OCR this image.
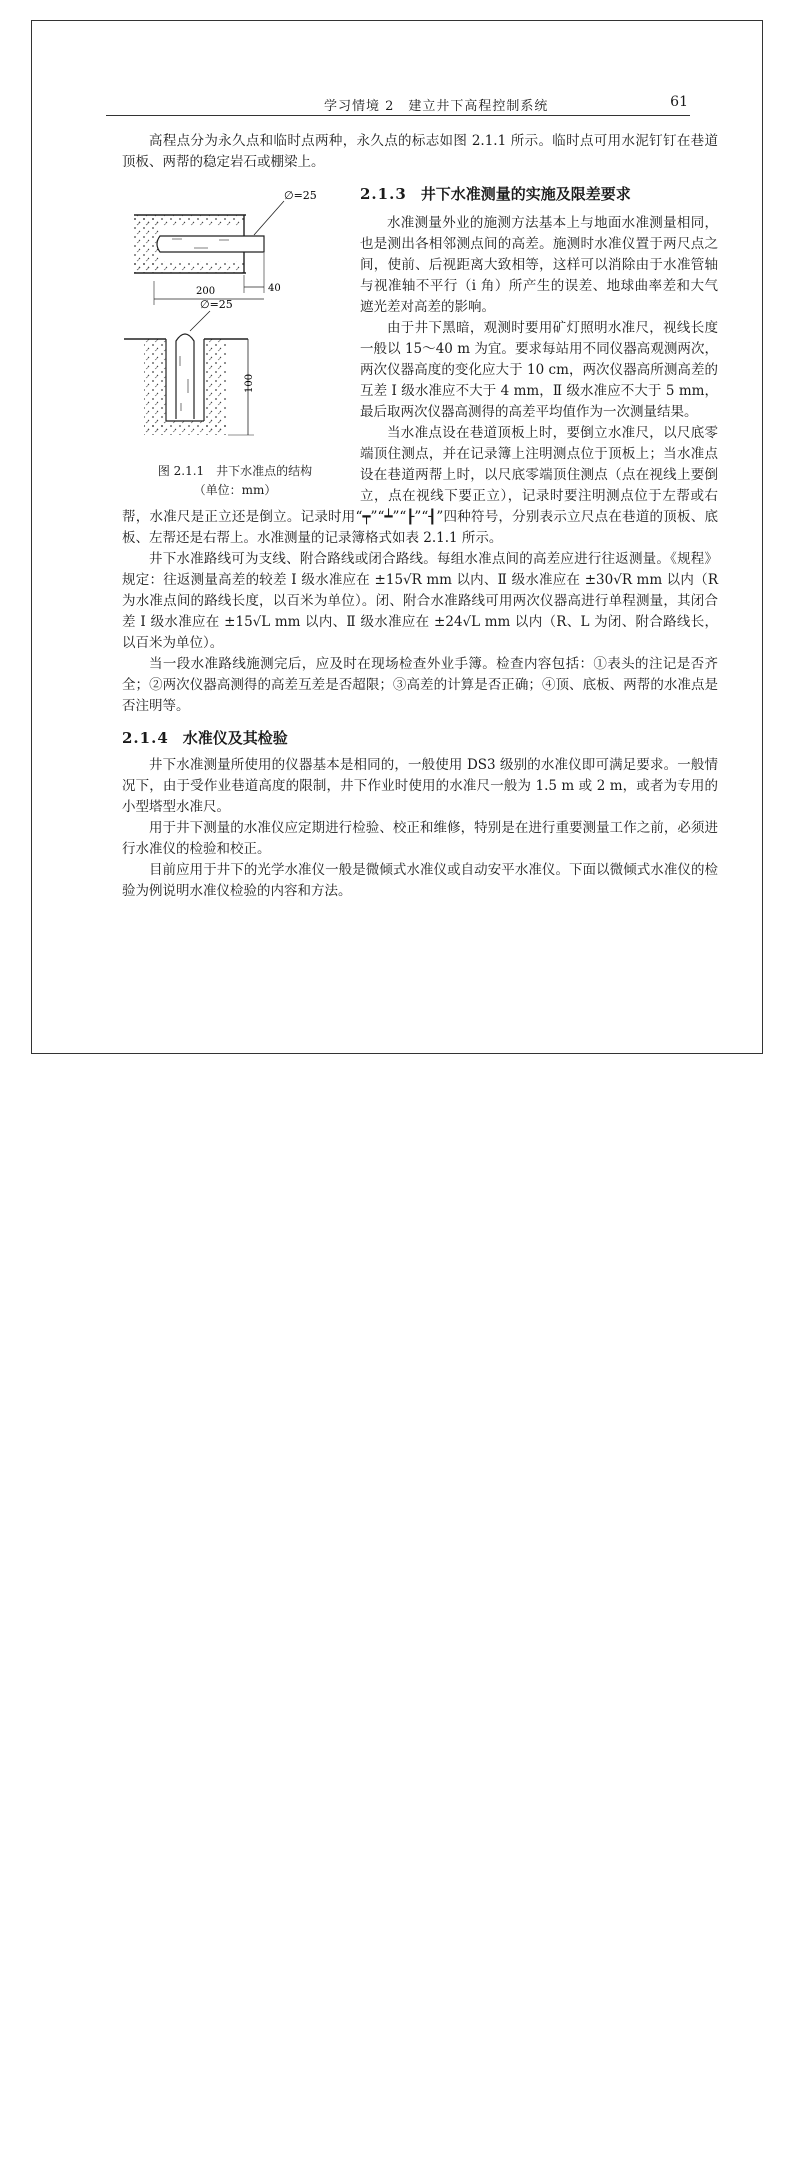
学习情境 2　建立井下高程控制系统	61

高程点分为永久点和临时点两种，永久点的标志如图 2.1.1 所示。临时点可用水泥钉钉在巷道顶板、两帮的稳定岩石或棚梁上。

∅=25
40
200
∅=25
100
图 2.1.1　井下水准点的结构
（单位：mm）
2.1.3 井下水准测量的实施及限差要求

水准测量外业的施测方法基本上与地面水准测量相同，也是测出各相邻测点间的高差。施测时水准仪置于两尺点之间，使前、后视距离大致相等，这样可以消除由于水准管轴与视准轴不平行（i 角）所产生的误差、地球曲率差和大气遮光差对高差的影响。

由于井下黑暗，观测时要用矿灯照明水准尺，视线长度一般以 15～40 m 为宜。要求每站用不同仪器高观测两次，两次仪器高度的变化应大于 10 cm，两次仪器高所测高差的互差 Ⅰ 级水准应不大于 4 mm，Ⅱ 级水准应不大于 5 mm，最后取两次仪器高测得的高差平均值作为一次测量结果。

当水准点设在巷道顶板上时，要倒立水准尺，以尺底零端顶住测点，并在记录簿上注明测点位于顶板上；当水准点设在巷道两帮上时，以尺底零端顶住测点（点在视线上要倒立，点在视线下要正立），记录时要注明测点位于左帮或右帮，水准尺是正立还是倒立。记录时用“┯”“┷”“┠”“┨”四种符号，分别表示立尺点在巷道的顶板、底板、左帮还是右帮上。水准测量的记录簿格式如表 2.1.1 所示。

井下水准路线可为支线、附合路线或闭合路线。每组水准点间的高差应进行往返测量。《规程》规定：往返测量高差的较差 Ⅰ 级水准应在 ±15√R mm 以内、Ⅱ 级水准应在 ±30√R mm 以内（R 为水准点间的路线长度，以百米为单位）。闭、附合水准路线可用两次仪器高进行单程测量，其闭合差 Ⅰ 级水准应在 ±15√L mm 以内、Ⅱ 级水准应在 ±24√L mm 以内（R、L 为闭、附合路线长，以百米为单位）。

当一段水准路线施测完后，应及时在现场检查外业手簿。检查内容包括：①表头的注记是否齐全；②两次仪器高测得的高差互差是否超限；③高差的计算是否正确；④顶、底板、两帮的水准点是否注明等。

2.1.4 水准仪及其检验

井下水准测量所使用的仪器基本是相同的，一般使用 DS3 级别的水准仪即可满足要求。一般情况下，由于受作业巷道高度的限制，井下作业时使用的水准尺一般为 1.5 m 或 2 m，或者为专用的小型塔型水准尺。

用于井下测量的水准仪应定期进行检验、校正和维修，特别是在进行重要测量工作之前，必须进行水准仪的检验和校正。

目前应用于井下的光学水准仪一般是微倾式水准仪或自动安平水准仪。下面以微倾式水准仪的检验为例说明水准仪检验的内容和方法。
